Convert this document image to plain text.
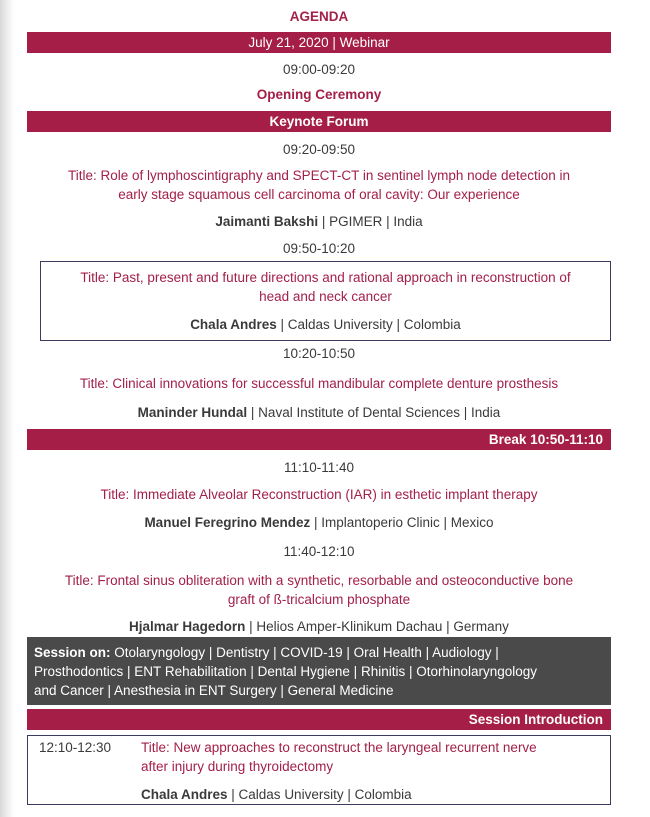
AGENDA
July 21, 2020 | Webinar
09:00-09:20
Opening Ceremony
Keynote Forum
09:20-09:50
Title: Role of lymphoscintigraphy and SPECT-CT in sentinel lymph node detection in
early stage squamous cell carcinoma of oral cavity: Our experience
Jaimanti Bakshi | PGIMER | India
09:50-10:20
Title: Past, present and future directions and rational approach in reconstruction of
head and neck cancer
Chala Andres | Caldas University | Colombia
10:20-10:50
Title: Clinical innovations for successful mandibular complete denture prosthesis
Maninder Hundal | Naval Institute of Dental Sciences | India
Break 10:50-11:10
11:10-11:40
Title: Immediate Alveolar Reconstruction (IAR) in esthetic implant therapy
Manuel Feregrino Mendez | Implantoperio Clinic | Mexico
11:40-12:10
Title: Frontal sinus obliteration with a synthetic, resorbable and osteoconductive bone
graft of ß-tricalcium phosphate
Hjalmar Hagedorn | Helios Amper-Klinikum Dachau | Germany
Session on: Otolaryngology | Dentistry | COVID-19 | Oral Health | Audiology |
Prosthodontics | ENT Rehabilitation | Dental Hygiene | Rhinitis | Otorhinolaryngology
and Cancer | Anesthesia in ENT Surgery | General Medicine
Session Introduction
12:10-12:30 Title: New approaches to reconstruct the laryngeal recurrent nerve
after injury during thyroidectomy
Chala Andres | Caldas University | Colombia
